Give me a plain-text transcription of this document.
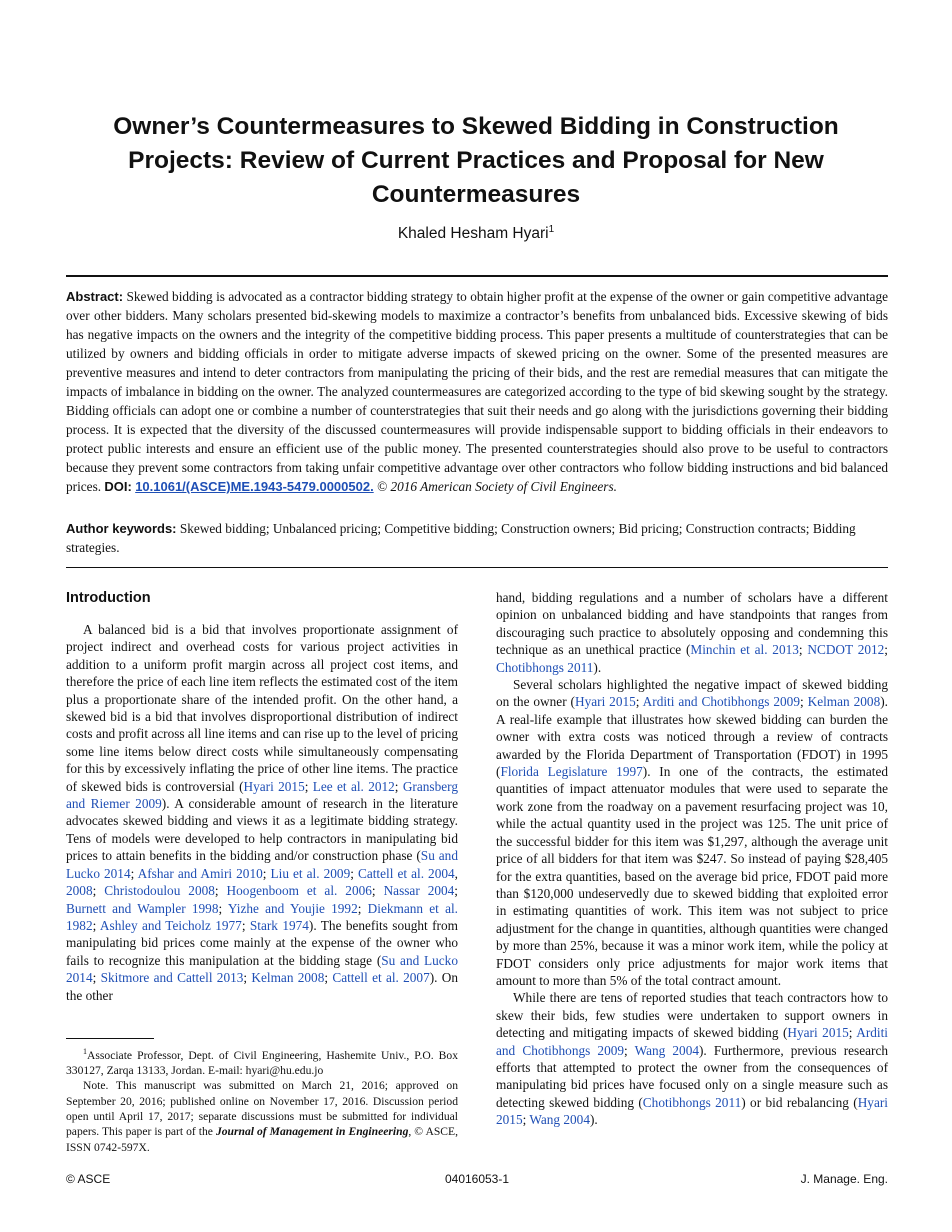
Owner’s Countermeasures to Skewed Bidding in Construction Projects: Review of Current Practices and Proposal for New Countermeasures
Khaled Hesham Hyari$^1$

Abstract: Skewed bidding is advocated as a contractor bidding strategy to obtain higher profit at the expense of the owner or gain competitive advantage over other bidders. Many scholars presented bid-skewing models to maximize a contractor’s benefits from unbalanced bids. Excessive skewing of bids has negative impacts on the owners and the integrity of the competitive bidding process. This paper presents a multitude of counterstrategies that can be utilized by owners and bidding officials in order to mitigate adverse impacts of skewed pricing on the owner. Some of the presented measures are preventive measures and intend to deter contractors from manipulating the pricing of their bids, and the rest are remedial measures that can mitigate the impacts of imbalance in bidding on the owner. The analyzed countermeasures are categorized according to the type of bid skewing sought by the strategy. Bidding officials can adopt one or combine a number of counterstrategies that suit their needs and go along with the jurisdictions governing their bidding process. It is expected that the diversity of the discussed countermeasures will provide indispensable support to bidding officials in their endeavors to protect public interests and ensure an efficient use of the public money. The presented counterstrategies should also prove to be useful to contractors because they prevent some contractors from taking unfair competitive advantage over other contractors who follow bidding instructions and bid balanced prices. DOI: 10.1061/(ASCE)ME.1943-5479.0000502. © 2016 American Society of Civil Engineers.

Author keywords: Skewed bidding; Unbalanced pricing; Competitive bidding; Construction owners; Bid pricing; Construction contracts; Bidding strategies.

Introduction

A balanced bid is a bid that involves proportionate assignment of project indirect and overhead costs for various project activities in addition to a uniform profit margin across all project cost items, and therefore the price of each line item reflects the estimated cost of the item plus a proportionate share of the intended profit. On the other hand, a skewed bid is a bid that involves disproportional distribution of indirect costs and profit across all line items and can rise up to the level of pricing some line items below direct costs while simultaneously compensating for this by excessively inflating the price of other line items. The practice of skewed bids is controversial (Hyari 2015; Lee et al. 2012; Gransberg and Riemer 2009). A considerable amount of research in the literature advocates skewed bidding and views it as a legitimate bidding strategy. Tens of models were developed to help contractors in manipulating bid prices to attain benefits in the bidding and/or construction phase (Su and Lucko 2014; Afshar and Amiri 2010; Liu et al. 2009; Cattell et al. 2004, 2008; Christodoulou 2008; Hoogenboom et al. 2006; Nassar 2004; Burnett and Wampler 1998; Yizhe and Youjie 1992; Diekmann et al. 1982; Ashley and Teicholz 1977; Stark 1974). The benefits sought from manipulating bid prices come mainly at the expense of the owner who fails to recognize this manipulation at the bidding stage (Su and Lucko 2014; Skitmore and Cattell 2013; Kelman 2008; Cattell et al. 2007). On the other

hand, bidding regulations and a number of scholars have a different opinion on unbalanced bidding and have standpoints that ranges from discouraging such practice to absolutely opposing and condemning this technique as an unethical practice (Minchin et al. 2013; NCDOT 2012; Chotibhongs 2011).

Several scholars highlighted the negative impact of skewed bidding on the owner (Hyari 2015; Arditi and Chotibhongs 2009; Kelman 2008). A real-life example that illustrates how skewed bidding can burden the owner with extra costs was noticed through a review of contracts awarded by the Florida Department of Transportation (FDOT) in 1995 (Florida Legislature 1997). In one of the contracts, the estimated quantities of impact attenuator modules that were used to separate the work zone from the roadway on a pavement resurfacing project was 10, while the actual quantity used in the project was 125. The unit price of the successful bidder for this item was $1,297, although the average unit price of all bidders for that item was $247. So instead of paying $28,405 for the extra quantities, based on the average bid price, FDOT paid more than $120,000 undeservedly due to skewed bidding that exploited error in estimating quantities of work. This item was not subject to price adjustment for the change in quantities, although quantities were changed by more than 25%, because it was a minor work item, while the policy at FDOT considers only price adjustments for major work items that amount to more than 5% of the total contract amount.

While there are tens of reported studies that teach contractors how to skew their bids, few studies were undertaken to support owners in detecting and mitigating impacts of skewed bidding (Hyari 2015; Arditi and Chotibhongs 2009; Wang 2004). Furthermore, previous research efforts that attempted to protect the owner from the consequences of manipulating bid prices have focused only on a single measure such as detecting skewed bidding (Chotibhongs 2011) or bid rebalancing (Hyari 2015; Wang 2004).

$^1$Associate Professor, Dept. of Civil Engineering, Hashemite Univ., P.O. Box 330127, Zarqa 13133, Jordan. E-mail: hyari@hu.edu.jo

Note. This manuscript was submitted on March 21, 2016; approved on September 20, 2016; published online on November 17, 2016. Discussion period open until April 17, 2017; separate discussions must be submitted for individual papers. This paper is part of the Journal of Management in Engineering, © ASCE, ISSN 0742-597X.

© ASCE	04016053-1	J. Manage. Eng.
